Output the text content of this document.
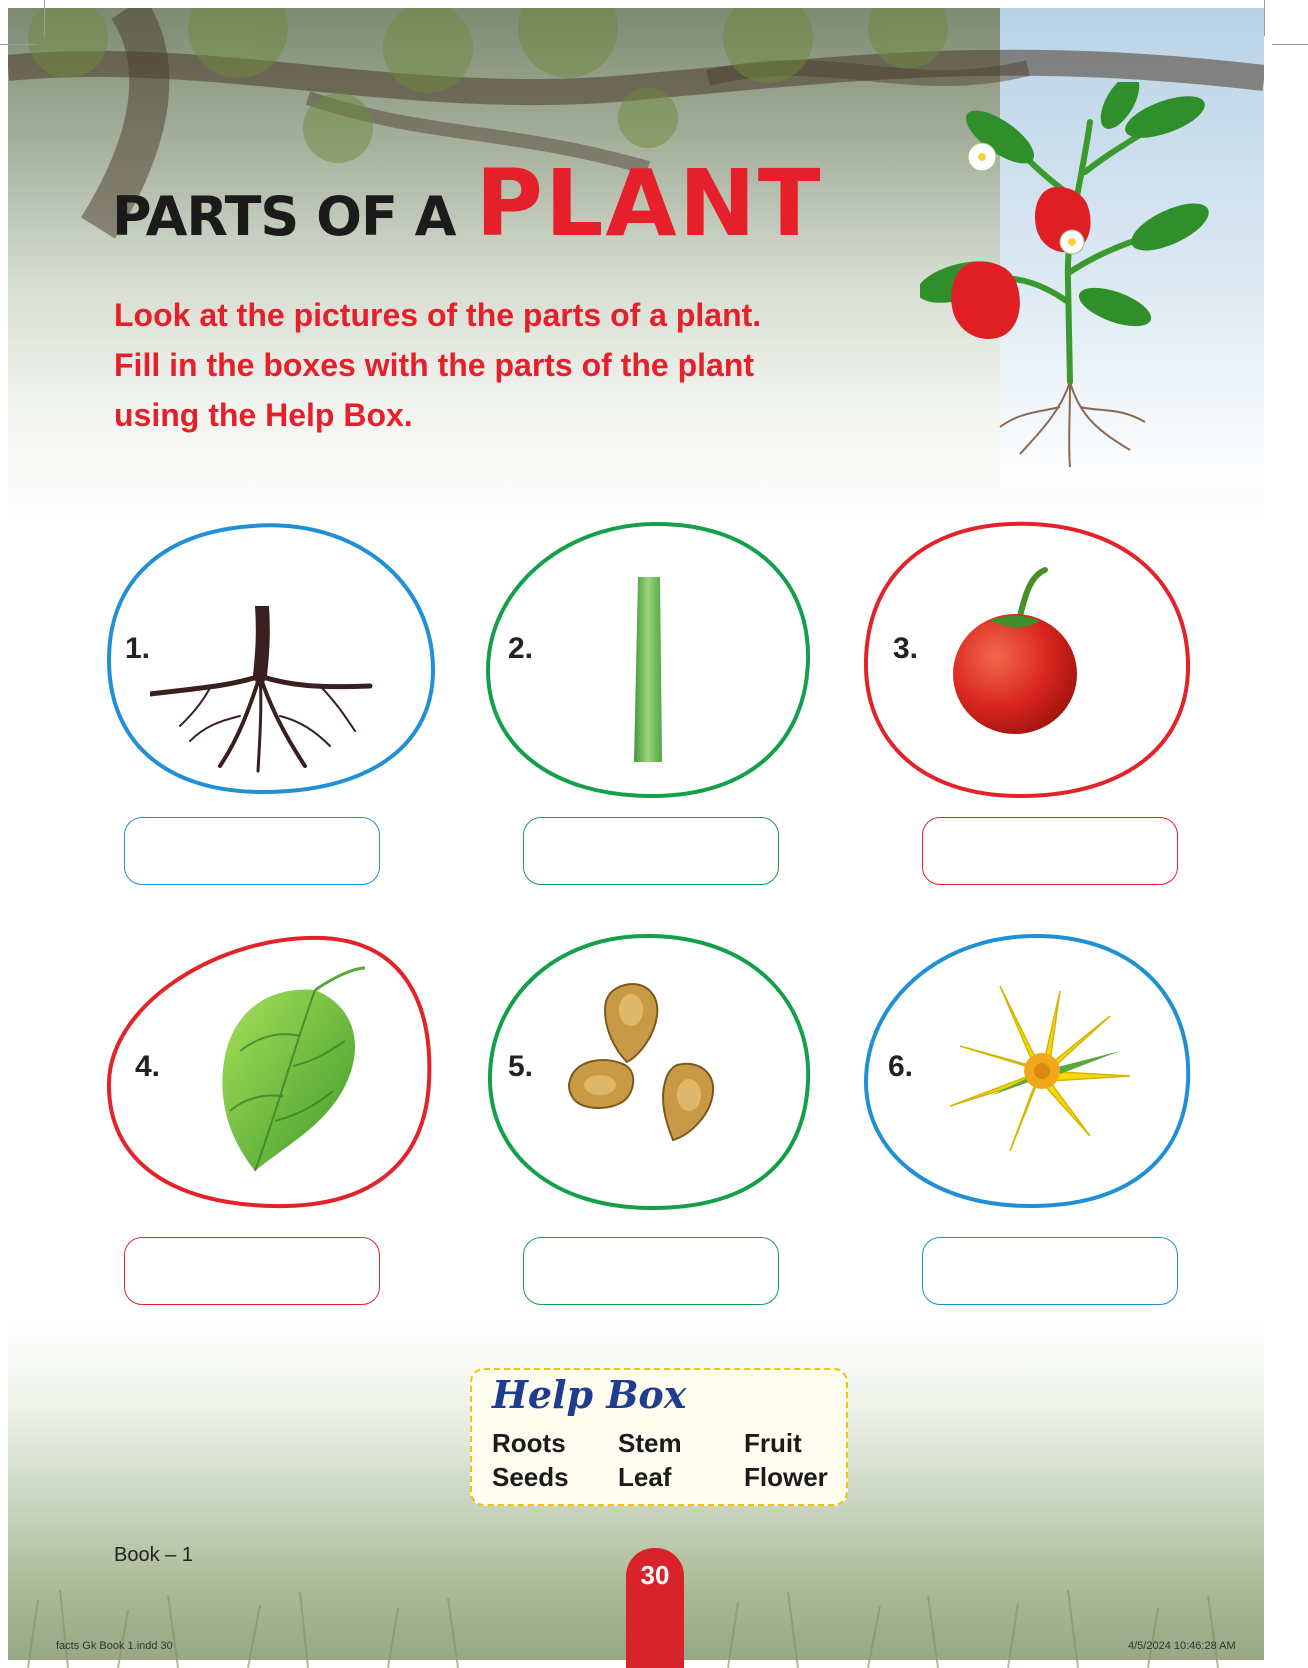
PARTS OF A PLANT
Look at the pictures of the parts of a plant.
Fill in the boxes with the parts of the plant
using the Help Box.
1.	2.	3.
4.	5.	6.
Help Box
Roots Stem Fruit
Seeds Leaf	Flower
Book – 1
30
facts Gk Book 1.indd 30	4/5/2024 10:46:28 AM
